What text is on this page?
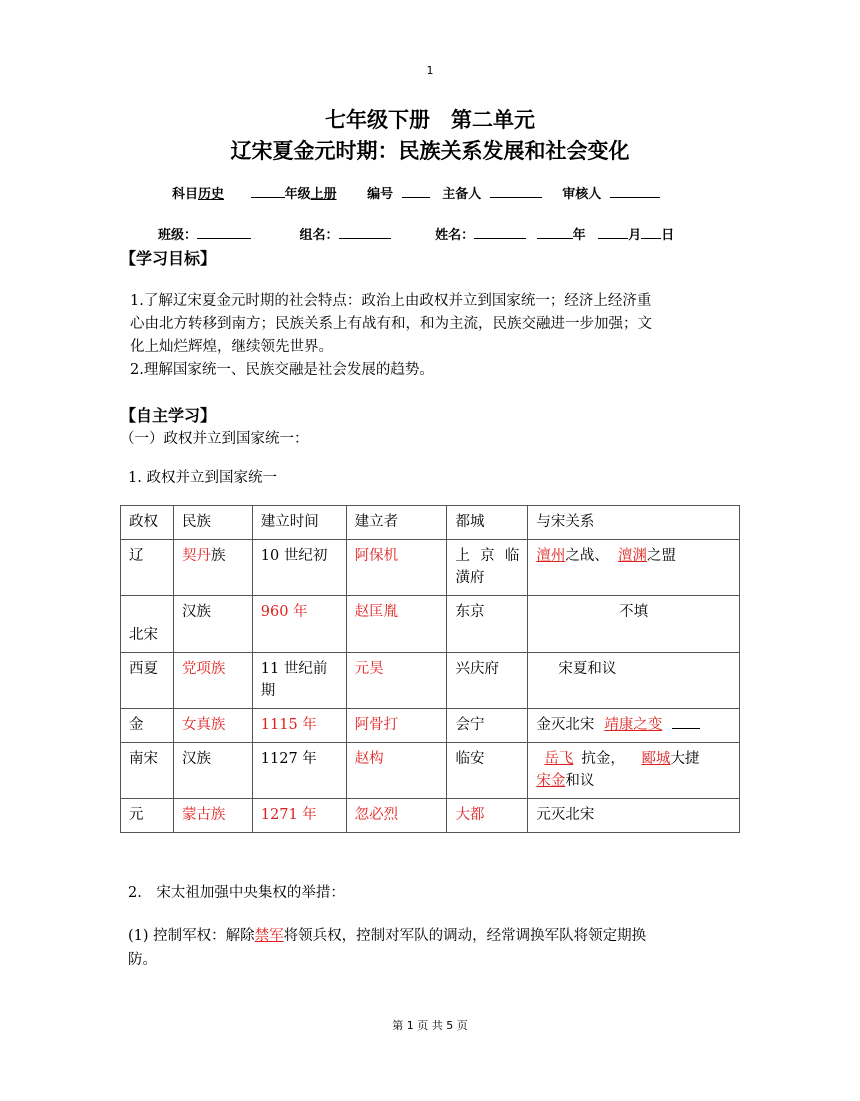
1
七年级下册　第二单元
辽宋夏金元时期：民族关系发展和社会变化
科目历史	年级上册 编号	主备人	审核人
班级：	组名：	姓名：	年	月 日
【学习目标】
1.了解辽宋夏金元时期的社会特点：政治上由政权并立到国家统一；经济上经济重
心由北方转移到南方；民族关系上有战有和，和为主流，民族交融进一步加强；文
化上灿烂辉煌，继续领先世界。
2.理解国家统一、民族交融是社会发展的趋势。
【自主学习】
（一）政权并立到国家统一：
1. 政权并立到国家统一
政权	民族	建立时间	建立者	都城	与宋关系
辽	契丹族	10 世纪初	阿保机	上 京 临潢府	澶州之战、 澶渊之盟
北宋	汉族	960 年	赵匡胤	东京	不填
西夏	党项族	11 世纪前期	元昊	兴庆府	宋夏和议
金	女真族	1115 年	阿骨打	会宁	金灭北宋 靖康之变
南宋	汉族	1127 年	赵构	临安	岳飞 抗金， 郾城大捷
宋金和议
元	蒙古族	1271 年	忽必烈	大都	元灭北宋
2.　宋太祖加强中央集权的举措：
(1) 控制军权：解除禁军将领兵权，控制对军队的调动，经常调换军队将领定期换
防。
第 1 页 共 5 页
